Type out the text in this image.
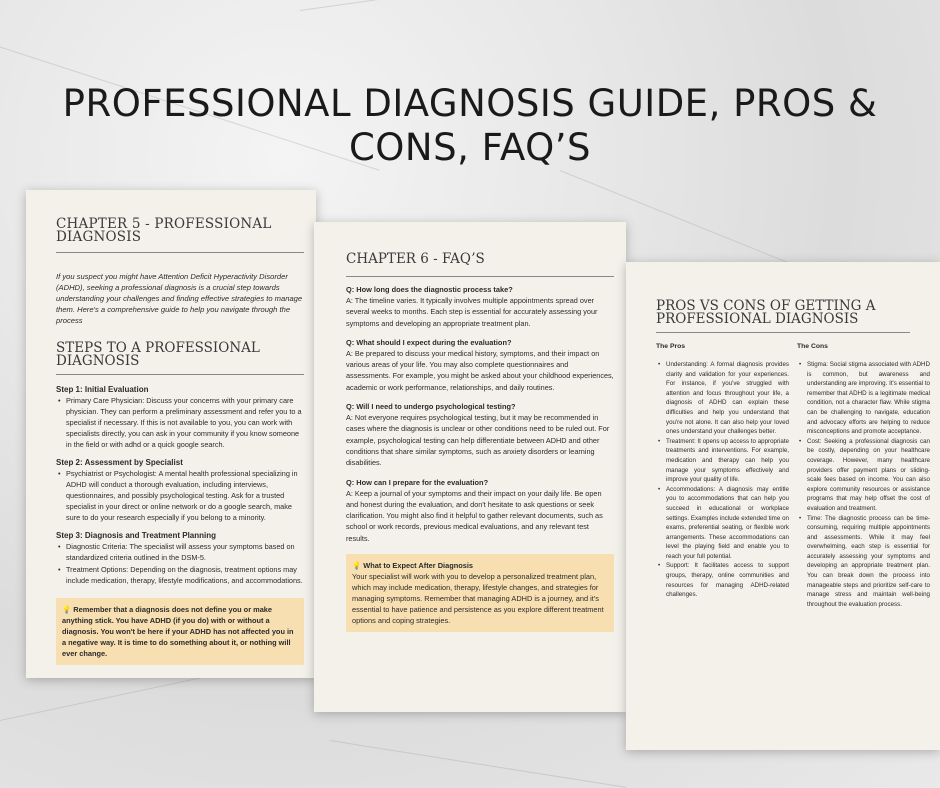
PROFESSIONAL DIAGNOSIS GUIDE, PROS & CONS, FAQ’S
CHAPTER 5 - PROFESSIONAL DIAGNOSIS
If you suspect you might have Attention Deficit Hyperactivity Disorder (ADHD), seeking a professional diagnosis is a crucial step towards understanding your challenges and finding effective strategies to manage them. Here's a comprehensive guide to help you navigate through the process
STEPS TO A PROFESSIONAL DIAGNOSIS
Step 1: Initial Evaluation
• Primary Care Physician: Discuss your concerns with your primary care physician. They can perform a preliminary assessment and refer you to a specialist if necessary. If this is not available to you, you can work with specialists directly, you can ask in your community if you know someone in the field or with adhd or a quick google search.
Step 2: Assessment by Specialist
• Psychiatrist or Psychologist: A mental health professional specializing in ADHD will conduct a thorough evaluation, including interviews, questionnaires, and possibly psychological testing. Ask for a trusted specialist in your direct or online network or do a google search, make sure to do your research especially if you belong to a minority.
Step 3: Diagnosis and Treatment Planning
• Diagnostic Criteria: The specialist will assess your symptoms based on standardized criteria outlined in the DSM-5.
• Treatment Options: Depending on the diagnosis, treatment options may include medication, therapy, lifestyle modifications, and accommodations.
💡 Remember that a diagnosis does not define you or make anything stick. You have ADHD (if you do) with or without a diagnosis. You won't be here if your ADHD has not affected you in a negative way. It is time to do something about it, or nothing will ever change.
CHAPTER 6 - FAQ’S
Q: How long does the diagnostic process take?
A: The timeline varies. It typically involves multiple appointments spread over several weeks to months. Each step is essential for accurately assessing your symptoms and developing an appropriate treatment plan.
Q: What should I expect during the evaluation?
A: Be prepared to discuss your medical history, symptoms, and their impact on various areas of your life. You may also complete questionnaires and assessments. For example, you might be asked about your childhood experiences, academic or work performance, relationships, and daily routines.
Q: Will I need to undergo psychological testing?
A: Not everyone requires psychological testing, but it may be recommended in cases where the diagnosis is unclear or other conditions need to be ruled out. For example, psychological testing can help differentiate between ADHD and other conditions that share similar symptoms, such as anxiety disorders or learning disabilities.
Q: How can I prepare for the evaluation?
A: Keep a journal of your symptoms and their impact on your daily life. Be open and honest during the evaluation, and don't hesitate to ask questions or seek clarification. You might also find it helpful to gather relevant documents, such as school or work records, previous medical evaluations, and any relevant test results.
💡 What to Expect After Diagnosis
Your specialist will work with you to develop a personalized treatment plan, which may include medication, therapy, lifestyle changes, and strategies for managing symptoms. Remember that managing ADHD is a journey, and it's essential to have patience and persistence as you explore different treatment options and coping strategies.
PROS VS CONS OF GETTING A PROFESSIONAL DIAGNOSIS
The Pros
• Understanding: A formal diagnosis provides clarity and validation for your experiences. For instance, if you've struggled with attention and focus throughout your life, a diagnosis of ADHD can explain these difficulties and help you understand that you're not alone. It can also help your loved ones understand your challenges better.
• Treatment: It opens up access to appropriate treatments and interventions. For example, medication and therapy can help you manage your symptoms effectively and improve your quality of life.
• Accommodations: A diagnosis may entitle you to accommodations that can help you succeed in educational or workplace settings. Examples include extended time on exams, preferential seating, or flexible work arrangements. These accommodations can level the playing field and enable you to reach your full potential.
• Support: It facilitates access to support groups, therapy, online communities and resources for managing ADHD-related challenges.
The Cons
• Stigma: Social stigma associated with ADHD is common, but awareness and understanding are improving. It's essential to remember that ADHD is a legitimate medical condition, not a character flaw. While stigma can be challenging to navigate, education and advocacy efforts are helping to reduce misconceptions and promote acceptance.
• Cost: Seeking a professional diagnosis can be costly, depending on your healthcare coverage. However, many healthcare providers offer payment plans or sliding-scale fees based on income. You can also explore community resources or assistance programs that may help offset the cost of evaluation and treatment.
• Time: The diagnostic process can be time-consuming, requiring multiple appointments and assessments. While it may feel overwhelming, each step is essential for accurately assessing your symptoms and developing an appropriate treatment plan. You can break down the process into manageable steps and prioritize self-care to manage stress and maintain well-being throughout the evaluation process.
